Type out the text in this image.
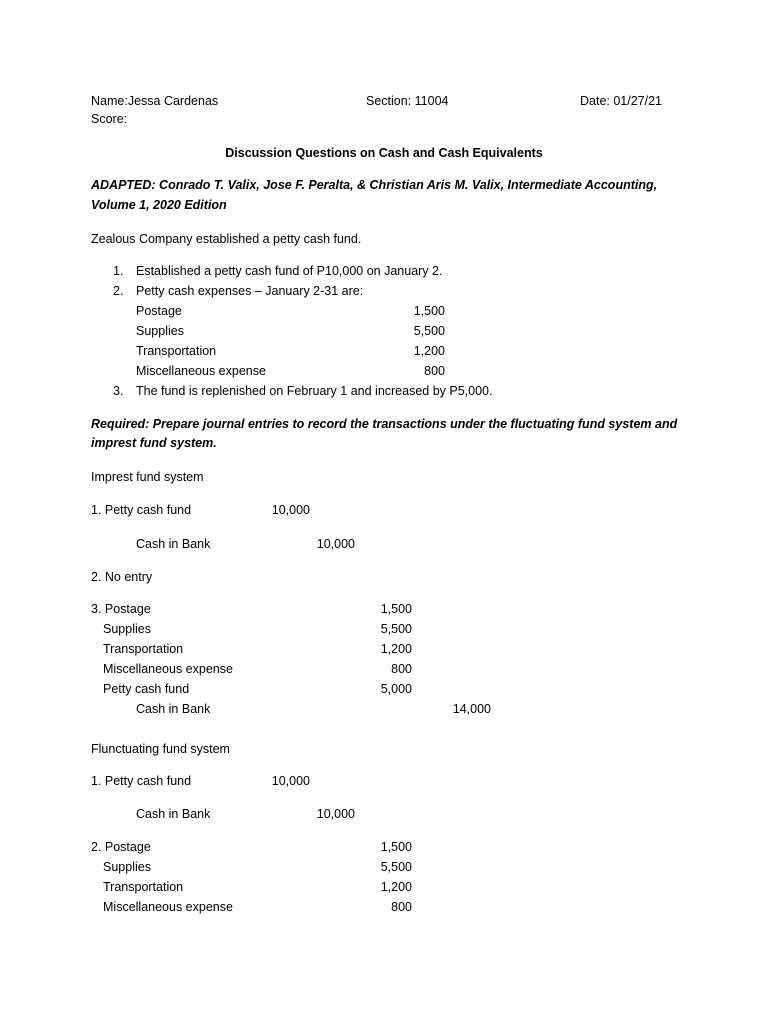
Name:Jessa Cardenas	Section: 11004	Date: 01/27/21
Score:
Discussion Questions on Cash and Cash Equivalents
ADAPTED: Conrado T. Valix, Jose F. Peralta, & Christian Aris M. Valix, Intermediate Accounting,
Volume 1, 2020 Edition
Zealous Company established a petty cash fund.
1. Established a petty cash fund of P10,000 on January 2.
2. Petty cash expenses – January 2-31 are:
Postage	1,500
Supplies	5,500
Transportation	1,200
Miscellaneous expense	800
3. The fund is replenished on February 1 and increased by P5,000.
Required: Prepare journal entries to record the transactions under the fluctuating fund system and
imprest fund system.
Imprest fund system
1. Petty cash fund	10,000
Cash in Bank	10,000
2. No entry
3. Postage	1,500
Supplies	5,500
Transportation	1,200
Miscellaneous expense	800
Petty cash fund	5,000
Cash in Bank	14,000
Flunctuating fund system
1. Petty cash fund	10,000
Cash in Bank	10,000
2. Postage	1,500
Supplies	5,500
Transportation	1,200
Miscellaneous expense	800
